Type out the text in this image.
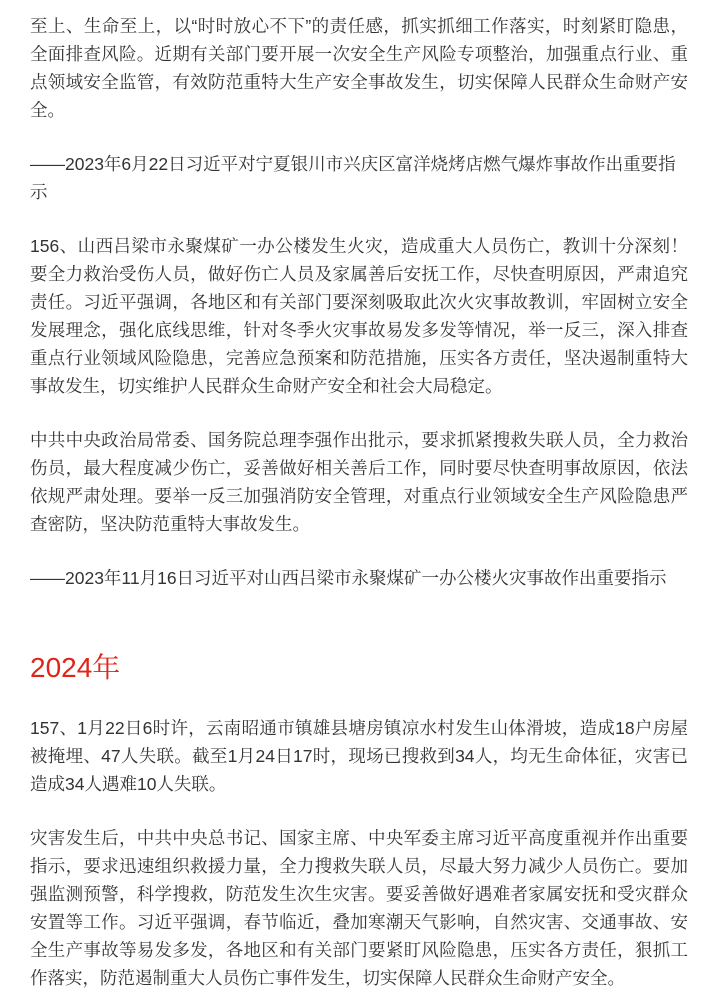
至上、生命至上，以“时时放心不下”的责任感，抓实抓细工作落实，时刻紧盯隐患，全面排查风险。近期有关部门要开展一次安全生产风险专项整治，加强重点行业、重点领域安全监管，有效防范重特大生产安全事故发生，切实保障人民群众生命财产安全。

——2023年6月22日习近平对宁夏银川市兴庆区富洋烧烤店燃气爆炸事故作出重要指示

156、山西吕梁市永聚煤矿一办公楼发生火灾，造成重大人员伤亡，教训十分深刻！要全力救治受伤人员，做好伤亡人员及家属善后安抚工作，尽快查明原因，严肃追究责任。习近平强调，各地区和有关部门要深刻吸取此次火灾事故教训，牢固树立安全发展理念，强化底线思维，针对冬季火灾事故易发多发等情况，举一反三，深入排查重点行业领域风险隐患，完善应急预案和防范措施，压实各方责任，坚决遏制重特大事故发生，切实维护人民群众生命财产安全和社会大局稳定。

中共中央政治局常委、国务院总理李强作出批示，要求抓紧搜救失联人员，全力救治伤员，最大程度减少伤亡，妥善做好相关善后工作，同时要尽快查明事故原因，依法依规严肃处理。要举一反三加强消防安全管理，对重点行业领域安全生产风险隐患严查密防，坚决防范重特大事故发生。

——2023年11月16日习近平对山西吕梁市永聚煤矿一办公楼火灾事故作出重要指示

2024年

157、1月22日6时许，云南昭通市镇雄县塘房镇凉水村发生山体滑坡，造成18户房屋被掩埋、47人失联。截至1月24日17时，现场已搜救到34人，均无生命体征，灾害已造成34人遇难10人失联。

灾害发生后，中共中央总书记、国家主席、中央军委主席习近平高度重视并作出重要指示，要求迅速组织救援力量，全力搜救失联人员，尽最大努力减少人员伤亡。要加强监测预警，科学搜救，防范发生次生灾害。要妥善做好遇难者家属安抚和受灾群众安置等工作。习近平强调，春节临近，叠加寒潮天气影响，自然灾害、交通事故、安全生产事故等易发多发，各地区和有关部门要紧盯风险隐患，压实各方责任，狠抓工作落实，防范遏制重大人员伤亡事件发生，切实保障人民群众生命财产安全。
